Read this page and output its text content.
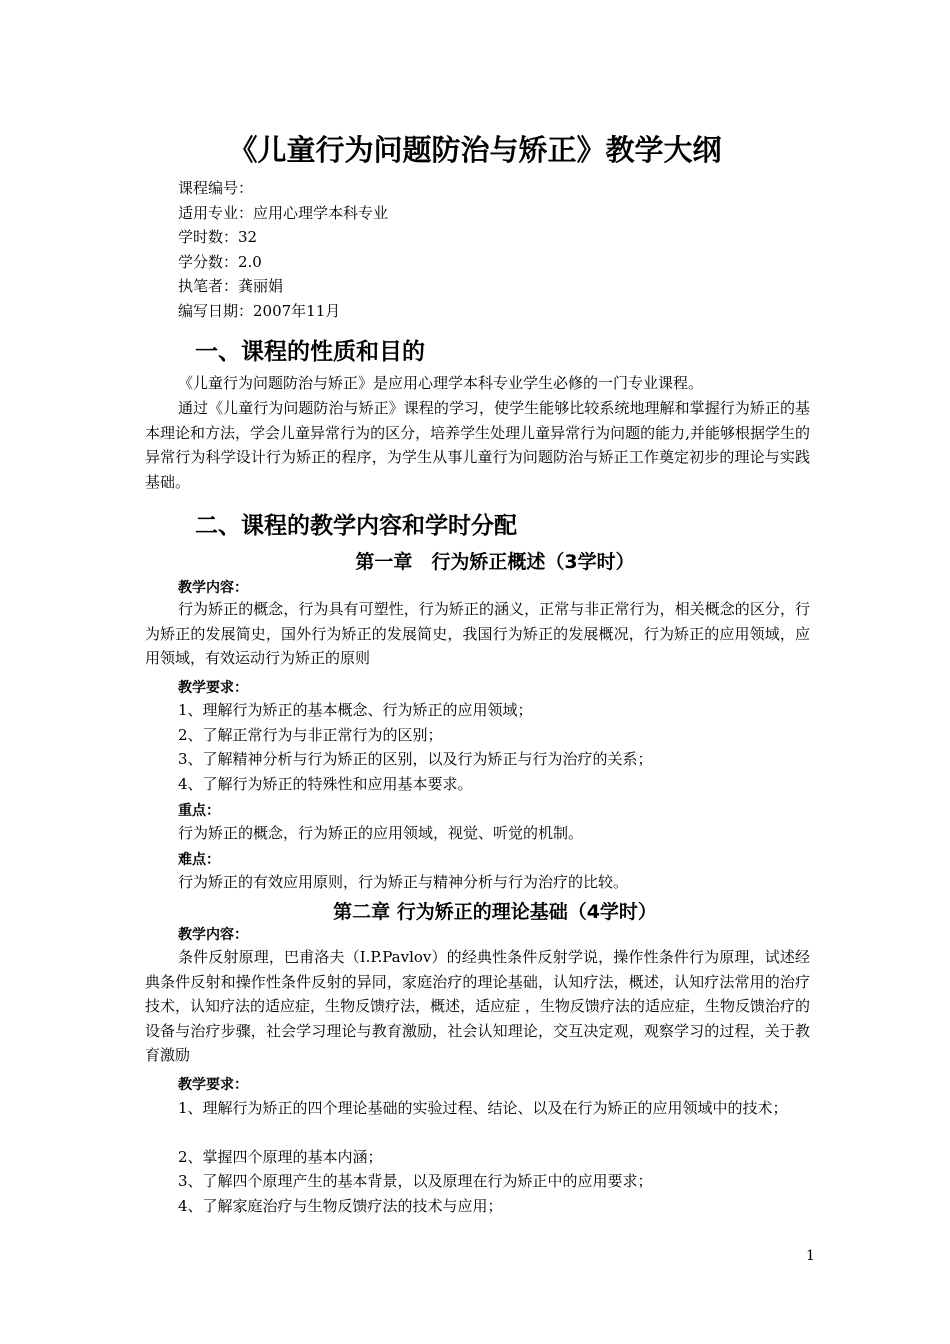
《儿童行为问题防治与矫正》教学大纲
课程编号：
适用专业：应用心理学本科专业
学时数：32
学分数：2.0
执笔者：龚丽娟
编写日期：2007年11月
一、课程的性质和目的
《儿童行为问题防治与矫正》是应用心理学本科专业学生必修的一门专业课程。
通过《儿童行为问题防治与矫正》课程的学习，使学生能够比较系统地理解和掌握行为矫正的基本理论和方法，学会儿童异常行为的区分，培养学生处理儿童异常行为问题的能力,并能够根据学生的异常行为科学设计行为矫正的程序，为学生从事儿童行为问题防治与矫正工作奠定初步的理论与实践基础。
二、课程的教学内容和学时分配
第一章　行为矫正概述（3学时）
教学内容：
行为矫正的概念，行为具有可塑性，行为矫正的涵义，正常与非正常行为，相关概念的区分，行为矫正的发展简史，国外行为矫正的发展简史，我国行为矫正的发展概况，行为矫正的应用领域，应用领域，有效运动行为矫正的原则
教学要求：
1、理解行为矫正的基本概念、行为矫正的应用领域；
2、了解正常行为与非正常行为的区别；
3、了解精神分析与行为矫正的区别，以及行为矫正与行为治疗的关系；
4、了解行为矫正的特殊性和应用基本要求。
重点：
行为矫正的概念，行为矫正的应用领域，视觉、听觉的机制。
难点：
行为矫正的有效应用原则，行为矫正与精神分析与行为治疗的比较。
第二章 行为矫正的理论基础（4学时）
教学内容：
条件反射原理，巴甫洛夫（I.P.Pavlov）的经典性条件反射学说，操作性条件行为原理，试述经典条件反射和操作性条件反射的异同，家庭治疗的理论基础，认知疗法，概述，认知疗法常用的治疗技术，认知疗法的适应症，生物反馈疗法，概述，适应症 ，生物反馈疗法的适应症，生物反馈治疗的设备与治疗步骤，社会学习理论与教育激励，社会认知理论，交互决定观，观察学习的过程，关于教育激励
教学要求：
1、理解行为矫正的四个理论基础的实验过程、结论、以及在行为矫正的应用领域中的技术；
2、掌握四个原理的基本内涵；
3、了解四个原理产生的基本背景，以及原理在行为矫正中的应用要求；
4、了解家庭治疗与生物反馈疗法的技术与应用；
1
